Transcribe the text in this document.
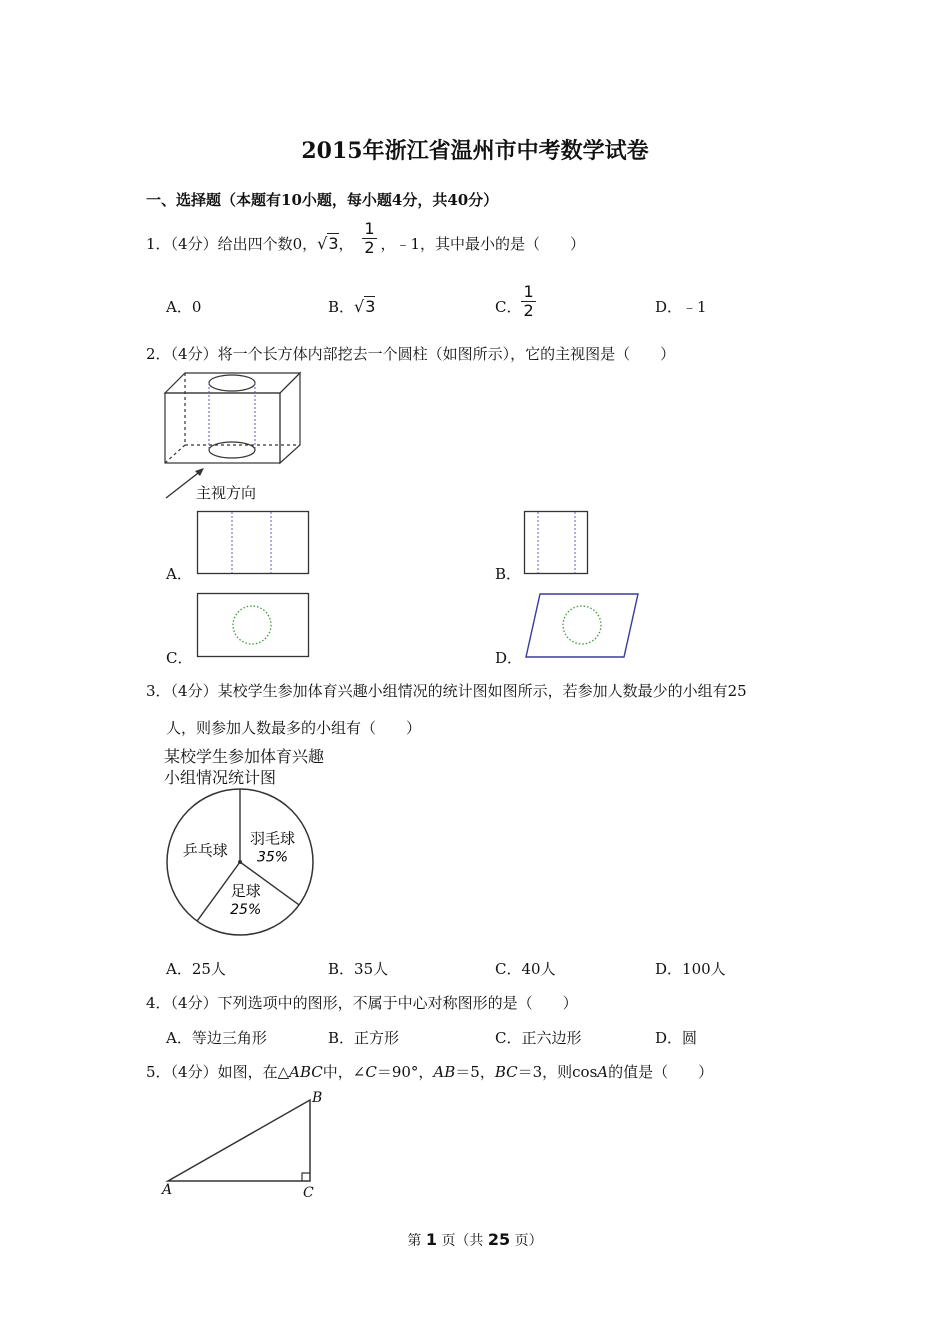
2015年浙江省温州市中考数学试卷
一、选择题（本题有10小题，每小题4分，共40分）
1．（4分）给出四个数0，√3， $\frac{1}{2}$ ，﹣1，其中最小的是（　　）
A．0	B．√3	C． $\frac{1}{2}$	D．﹣1
2．（4分）将一个长方体内部挖去一个圆柱（如图所示），它的主视图是（　　）
主视方向
A．	B．
C．	D．
3．（4分）某校学生参加体育兴趣小组情况的统计图如图所示，若参加人数最少的小组有25
人，则参加人数最多的小组有（　　）
某校学生参加体育兴趣
小组情况统计图
乒乓球
羽毛球
35%
足球
25%
A．25人	B．35人	C．40人	D．100人
4．（4分）下列选项中的图形，不属于中心对称图形的是（　　）
A．等边三角形	B．正方形	C．正六边形	D．圆
5．（4分）如图，在△ABC中，∠C＝90°，AB＝5，BC＝3，则cosA的值是（　　）
A
B
C
第 1 页（共 25 页）
